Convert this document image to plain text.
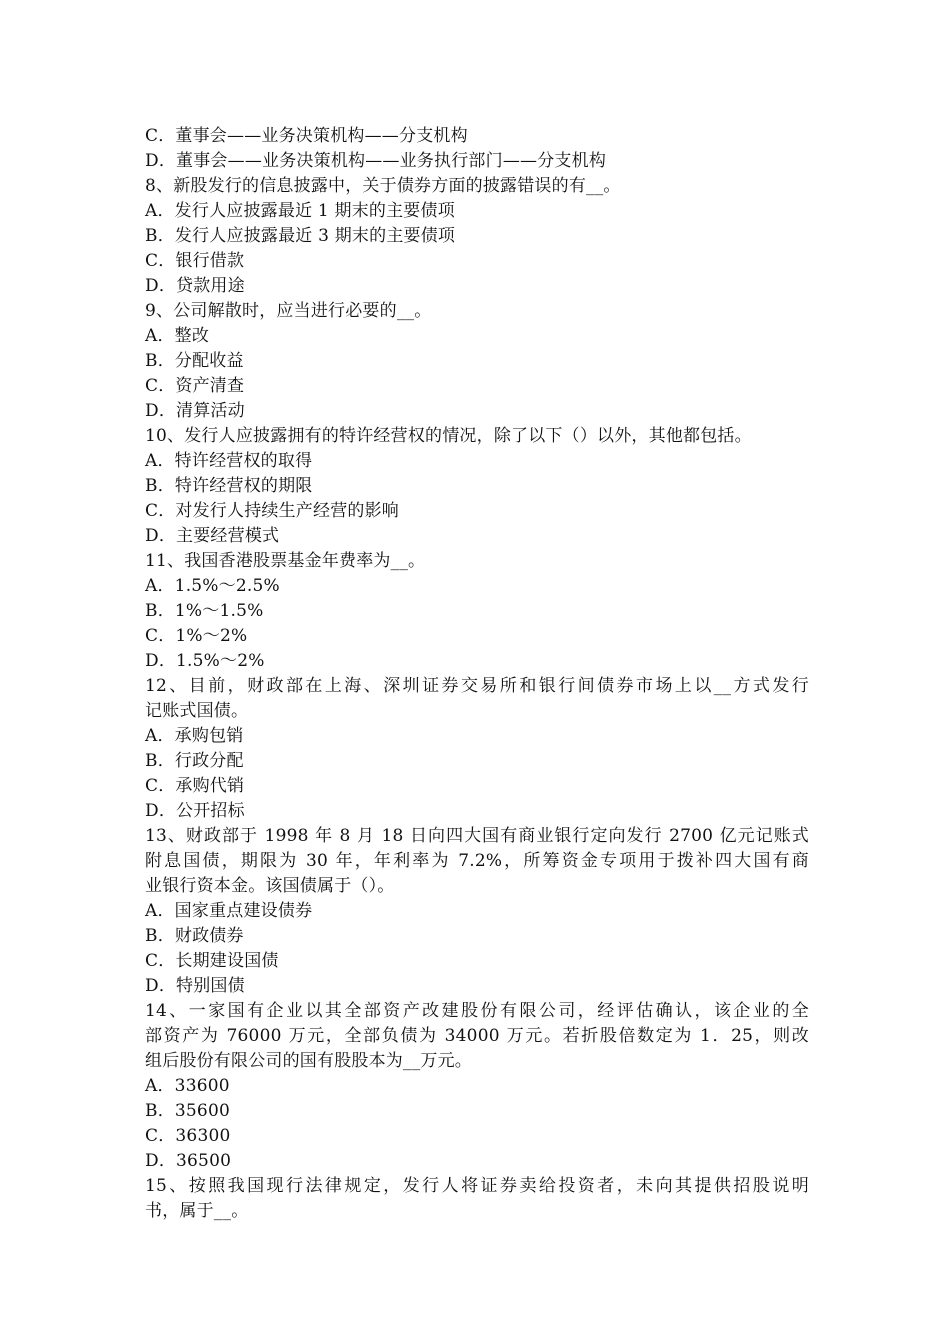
C．董事会——业务决策机构——分支机构
D．董事会——业务决策机构——业务执行部门——分支机构
8、新股发行的信息披露中，关于债券方面的披露错误的有__。
A．发行人应披露最近 1 期末的主要债项
B．发行人应披露最近 3 期末的主要债项
C．银行借款
D．贷款用途
9、公司解散时，应当进行必要的__。
A．整改
B．分配收益
C．资产清查
D．清算活动
10、发行人应披露拥有的特许经营权的情况，除了以下（）以外，其他都包括。
A．特许经营权的取得
B．特许经营权的期限
C．对发行人持续生产经营的影响
D．主要经营模式
11、我国香港股票基金年费率为__。
A．1.5%～2.5%
B．1%～1.5%
C．1%～2%
D．1.5%～2%
12、目前，财政部在上海、深圳证券交易所和银行间债券市场上以__方式发行
记账式国债。
A．承购包销
B．行政分配
C．承购代销
D．公开招标
13、财政部于 1998 年 8 月 18 日向四大国有商业银行定向发行 2700 亿元记账式
附息国债，期限为 30 年，年利率为 7.2%，所筹资金专项用于拨补四大国有商
业银行资本金。该国债属于（）。
A．国家重点建设债券
B．财政债券
C．长期建设国债
D．特别国债
14、一家国有企业以其全部资产改建股份有限公司，经评估确认，该企业的全
部资产为 76000 万元，全部负债为 34000 万元。若折股倍数定为 1．25，则改
组后股份有限公司的国有股股本为__万元。
A．33600
B．35600
C．36300
D．36500
15、按照我国现行法律规定，发行人将证券卖给投资者，未向其提供招股说明
书，属于__。
